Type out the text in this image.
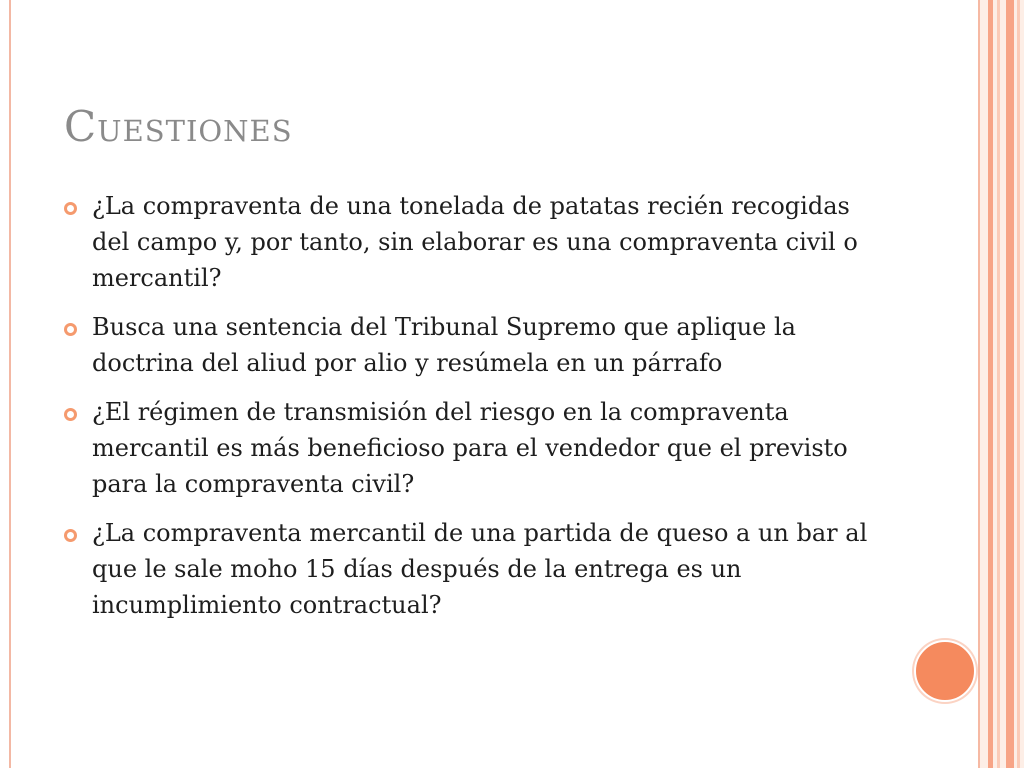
Cuestiones
¿La compraventa de una tonelada de patatas recién recogidas del campo y, por tanto, sin elaborar es una compraventa civil o mercantil?
Busca una sentencia del Tribunal Supremo que aplique la doctrina del aliud por alio y resúmela en un párrafo
¿El régimen de transmisión del riesgo en la compraventa mercantil es más beneficioso para el vendedor que el previsto para la compraventa civil?
¿La compraventa mercantil de una partida de queso a un bar al que le sale moho 15 días después de la entrega es un incumplimiento contractual?
